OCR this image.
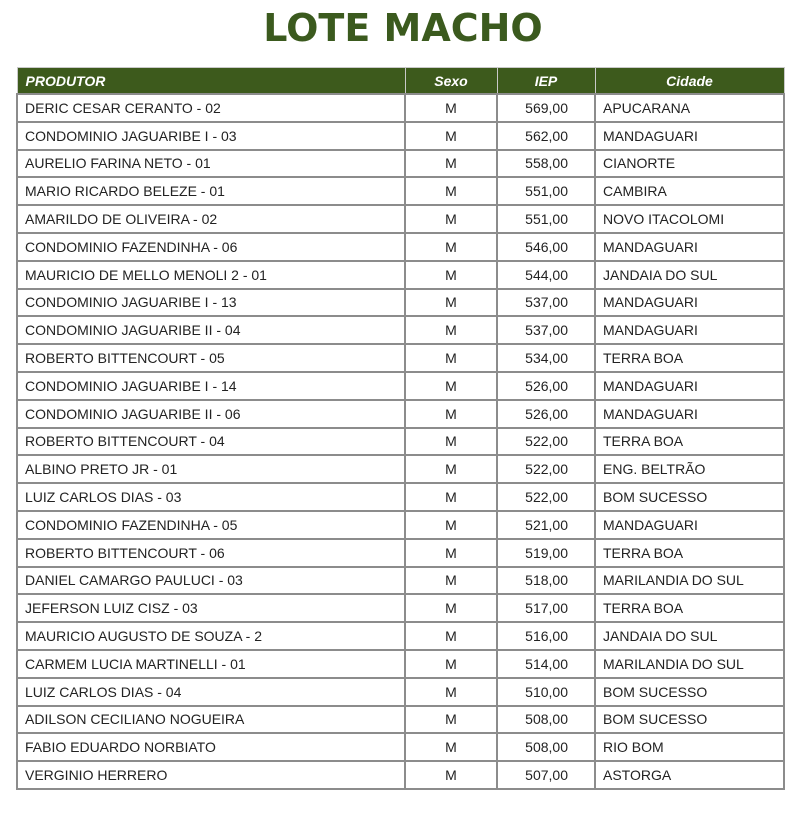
LOTE MACHO
PRODUTOR	Sexo	IEP	Cidade
DERIC CESAR CERANTO - 02	M	569,00	APUCARANA
CONDOMINIO JAGUARIBE I - 03	M	562,00	MANDAGUARI
AURELIO FARINA NETO - 01	M	558,00	CIANORTE
MARIO RICARDO BELEZE - 01	M	551,00	CAMBIRA
AMARILDO DE OLIVEIRA - 02	M	551,00	NOVO ITACOLOMI
CONDOMINIO FAZENDINHA - 06	M	546,00	MANDAGUARI
MAURICIO DE MELLO MENOLI 2 - 01	M	544,00	JANDAIA DO SUL
CONDOMINIO JAGUARIBE I - 13	M	537,00	MANDAGUARI
CONDOMINIO JAGUARIBE II - 04	M	537,00	MANDAGUARI
ROBERTO BITTENCOURT - 05	M	534,00	TERRA BOA
CONDOMINIO JAGUARIBE I - 14	M	526,00	MANDAGUARI
CONDOMINIO JAGUARIBE II - 06	M	526,00	MANDAGUARI
ROBERTO BITTENCOURT - 04	M	522,00	TERRA BOA
ALBINO PRETO JR - 01	M	522,00	ENG. BELTRÃO
LUIZ CARLOS DIAS - 03	M	522,00	BOM SUCESSO
CONDOMINIO FAZENDINHA - 05	M	521,00	MANDAGUARI
ROBERTO BITTENCOURT - 06	M	519,00	TERRA BOA
DANIEL CAMARGO PAULUCI - 03	M	518,00	MARILANDIA DO SUL
JEFERSON LUIZ CISZ - 03	M	517,00	TERRA BOA
MAURICIO AUGUSTO DE SOUZA - 2	M	516,00	JANDAIA DO SUL
CARMEM LUCIA MARTINELLI - 01	M	514,00	MARILANDIA DO SUL
LUIZ CARLOS DIAS - 04	M	510,00	BOM SUCESSO
ADILSON CECILIANO NOGUEIRA	M	508,00	BOM SUCESSO
FABIO EDUARDO NORBIATO	M	508,00	RIO BOM
VERGINIO HERRERO	M	507,00	ASTORGA
